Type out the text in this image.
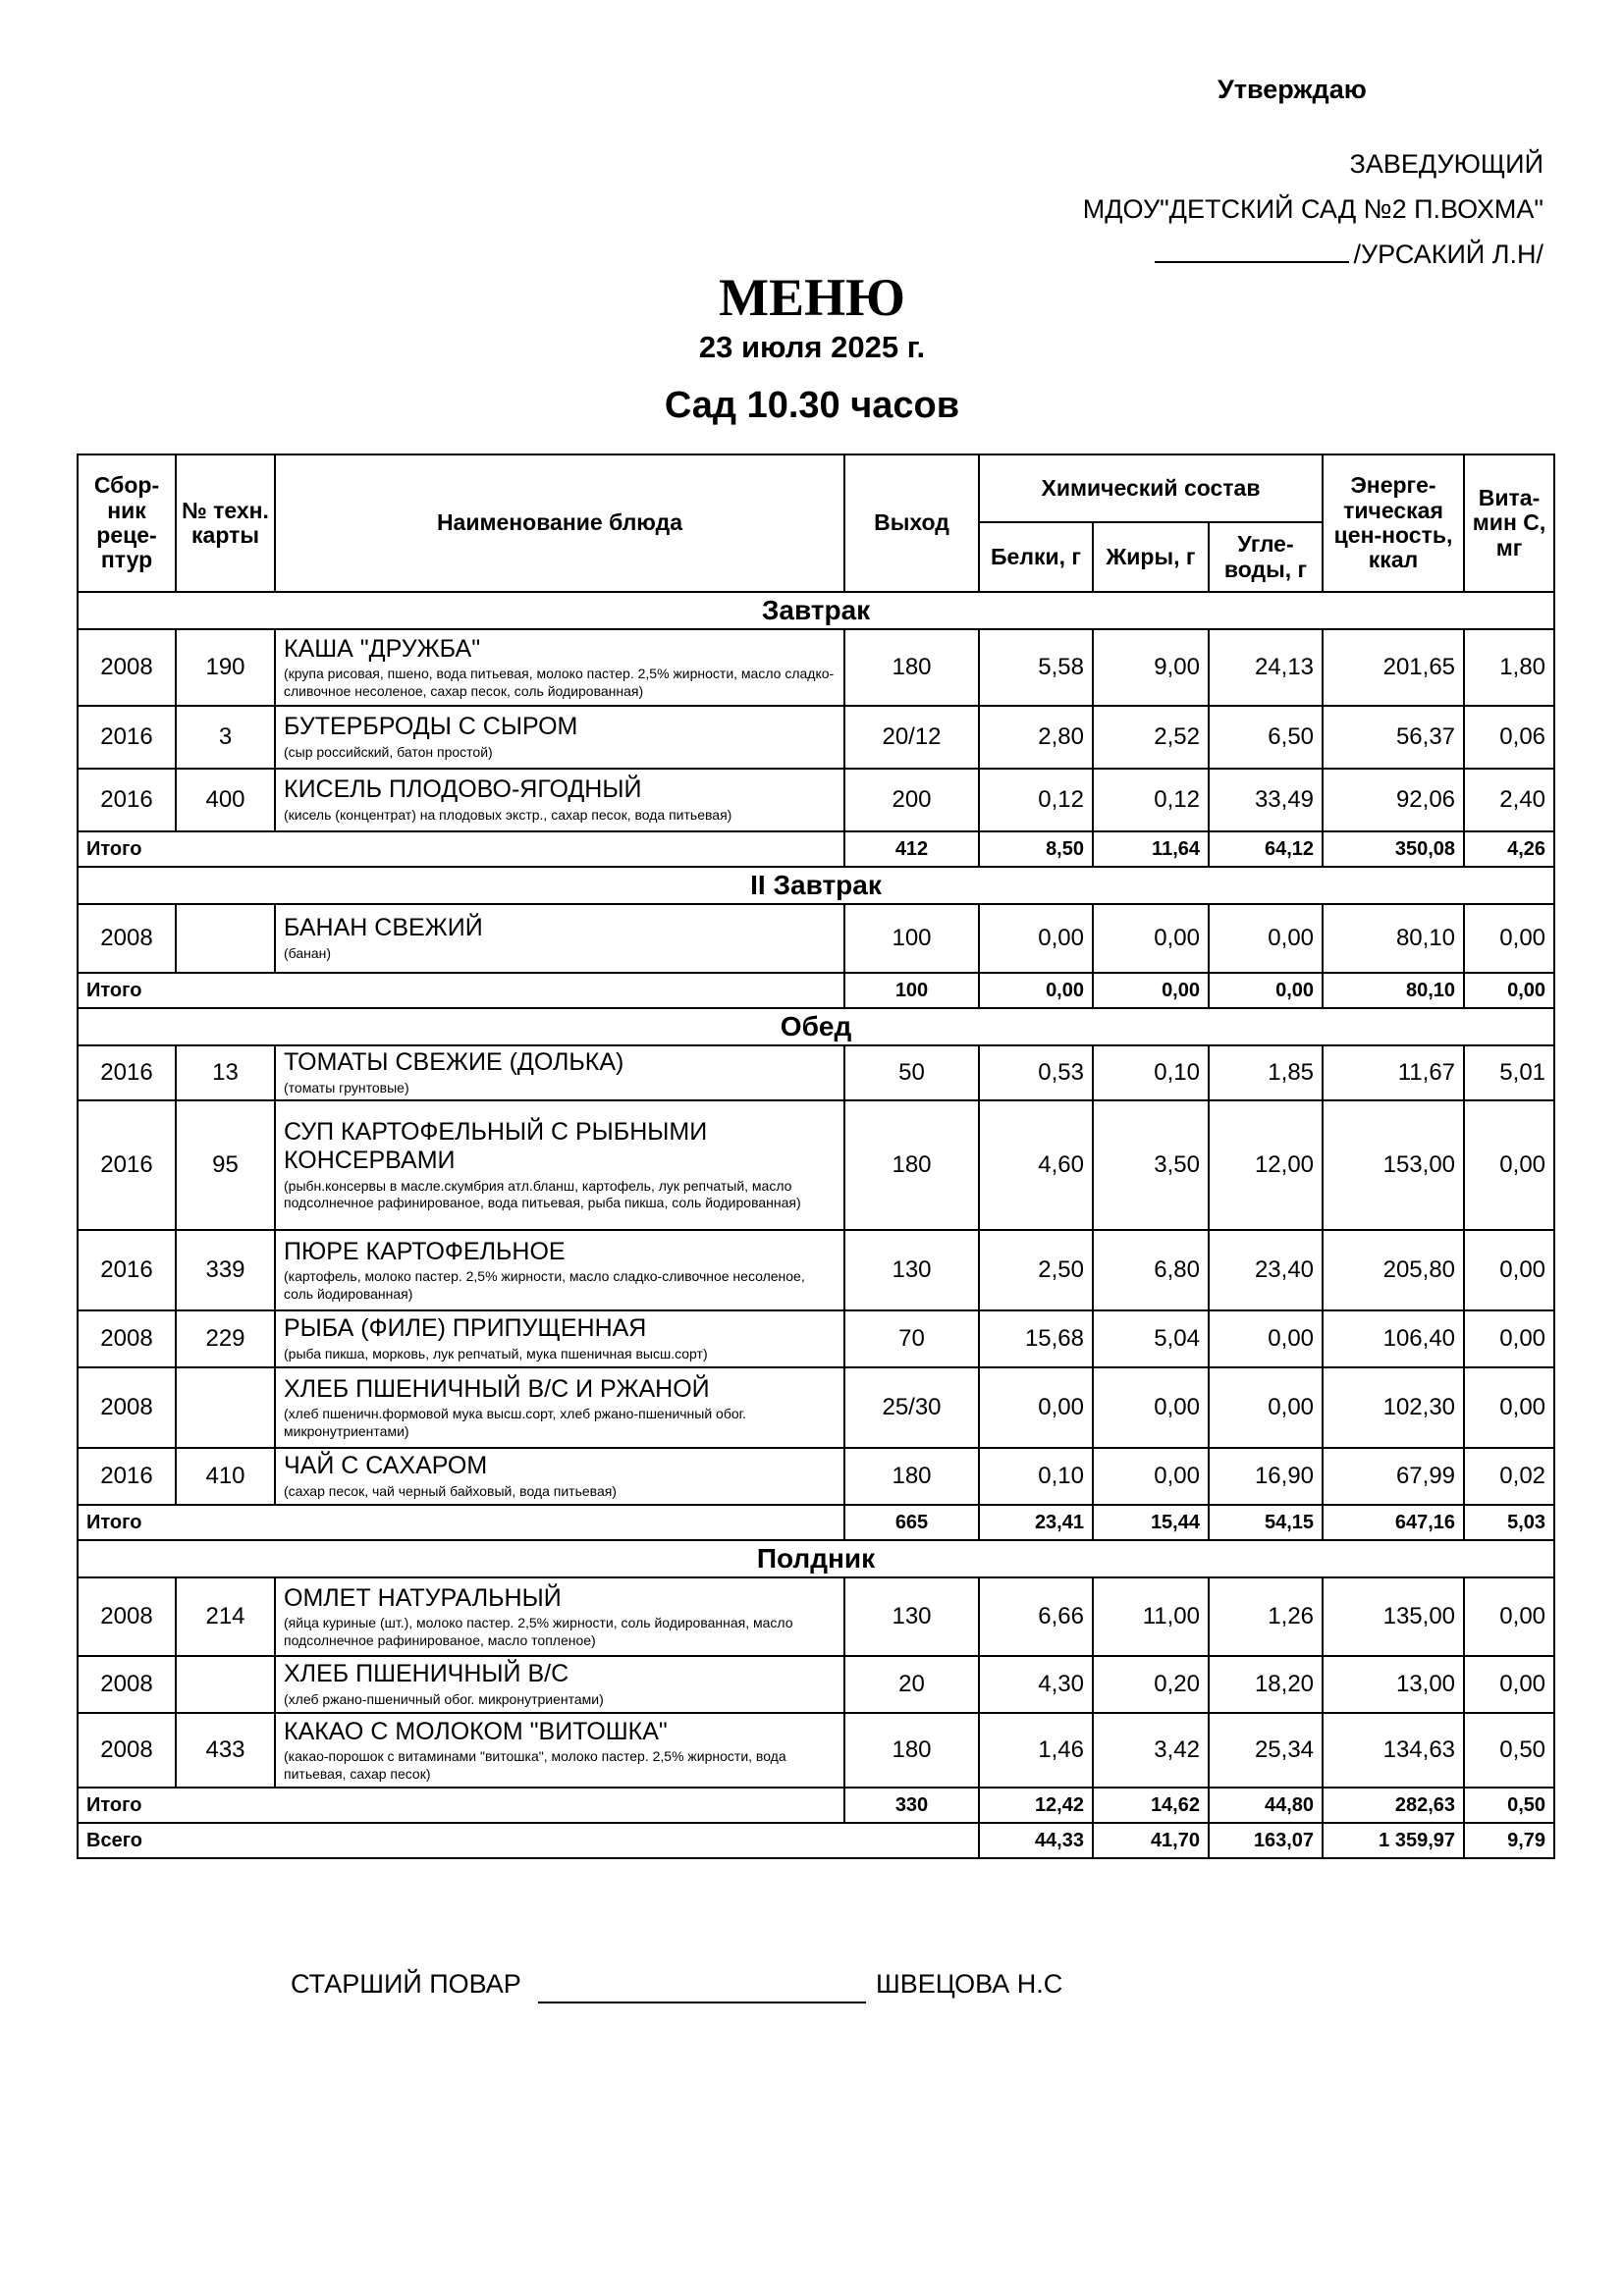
Утверждаю
ЗАВЕДУЮЩИЙ
МДОУ"ДЕТСКИЙ САД №2 П.ВОХМА"
/УРСАКИЙ Л.Н/
МЕНЮ
23 июля 2025 г.
Сад 10.30 часов
Сбор-ник реце-птур	№ техн. карты	Наименование блюда	Выход	Химический состав			Энерге-тическая цен-ность, ккал	Вита-мин С, мг
				Белки, г	Жиры, г	Угле-воды, г		
Завтрак								
2008	190	КАША "ДРУЖБА"
(крупа рисовая, пшено, вода питьевая, молоко пастер. 2,5% жирности, масло сладко-сливочное несоленое, сахар песок, соль йодированная)	180	5,58	9,00	24,13	201,65	1,80
2016	3	БУТЕРБРОДЫ С СЫРОМ
(сыр российский, батон простой)	20/12	2,80	2,52	6,50	56,37	0,06
2016	400	КИСЕЛЬ ПЛОДОВО-ЯГОДНЫЙ
(кисель (концентрат) на плодовых экстр., сахар песок, вода питьевая)	200	0,12	0,12	33,49	92,06	2,40
Итого			412	8,50	11,64	64,12	350,08	4,26
II Завтрак								
2008		БАНАН СВЕЖИЙ
(банан)	100	0,00	0,00	0,00	80,10	0,00
Итого			100	0,00	0,00	0,00	80,10	0,00
Обед								
2016	13	ТОМАТЫ СВЕЖИЕ (ДОЛЬКА)
(томаты грунтовые)	50	0,53	0,10	1,85	11,67	5,01
2016	95	СУП КАРТОФЕЛЬНЫЙ С РЫБНЫМИ КОНСЕРВАМИ
(рыбн.консервы в масле.скумбрия атл.бланш, картофель, лук репчатый, масло подсолнечное рафинированое, вода питьевая, рыба пикша, соль йодированная)	180	4,60	3,50	12,00	153,00	0,00
2016	339	ПЮРЕ КАРТОФЕЛЬНОЕ
(картофель, молоко пастер. 2,5% жирности, масло сладко-сливочное несоленое, соль йодированная)	130	2,50	6,80	23,40	205,80	0,00
2008	229	РЫБА (ФИЛЕ) ПРИПУЩЕННАЯ
(рыба пикша, морковь, лук репчатый, мука пшеничная высш.сорт)	70	15,68	5,04	0,00	106,40	0,00
2008		ХЛЕБ ПШЕНИЧНЫЙ В/С И РЖАНОЙ
(хлеб пшеничн.формовой мука высш.сорт, хлеб ржано-пшеничный обог. микронутриентами)	25/30	0,00	0,00	0,00	102,30	0,00
2016	410	ЧАЙ С САХАРОМ
(сахар песок, чай черный байховый, вода питьевая)	180	0,10	0,00	16,90	67,99	0,02
Итого			665	23,41	15,44	54,15	647,16	5,03
Полдник								
2008	214	ОМЛЕТ НАТУРАЛЬНЫЙ
(яйца куриные (шт.), молоко пастер. 2,5% жирности, соль йодированная, масло подсолнечное рафинированое, масло топленое)	130	6,66	11,00	1,26	135,00	0,00
2008		ХЛЕБ ПШЕНИЧНЫЙ В/С
(хлеб ржано-пшеничный обог. микронутриентами)	20	4,30	0,20	18,20	13,00	0,00
2008	433	КАКАО С МОЛОКОМ "ВИТОШКА"
(какао-порошок с витаминами "витошка", молоко пастер. 2,5% жирности, вода питьевая, сахар песок)	180	1,46	3,42	25,34	134,63	0,50
Итого			330	12,42	14,62	44,80	282,63	0,50
Всего				44,33	41,70	163,07	1 359,97	9,79
СТАРШИЙ ПОВАР	ШВЕЦОВА Н.С
